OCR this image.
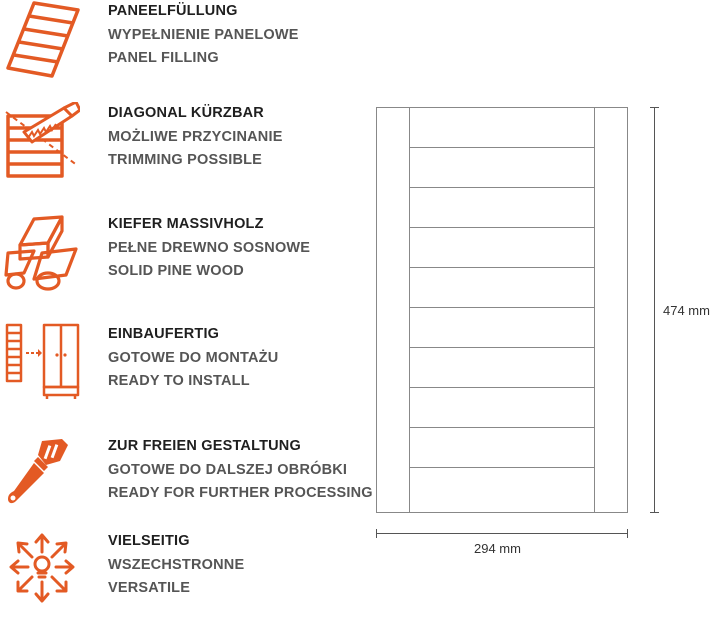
PANEELFÜLLUNG
WYPEŁNIENIE PANELOWE
PANEL FILLING
DIAGONAL KÜRZBAR
MOŻLIWE PRZYCINANIE
TRIMMING POSSIBLE
KIEFER MASSIVHOLZ
PEŁNE DREWNO SOSNOWE
SOLID PINE WOOD
EINBAUFERTIG
GOTOWE DO MONTAŻU
READY TO INSTALL
ZUR FREIEN GESTALTUNG
GOTOWE DO DALSZEJ OBRÓBKI
READY FOR FURTHER PROCESSING
VIELSEITIG
WSZECHSTRONNE
VERSATILE
474 mm
294 mm
